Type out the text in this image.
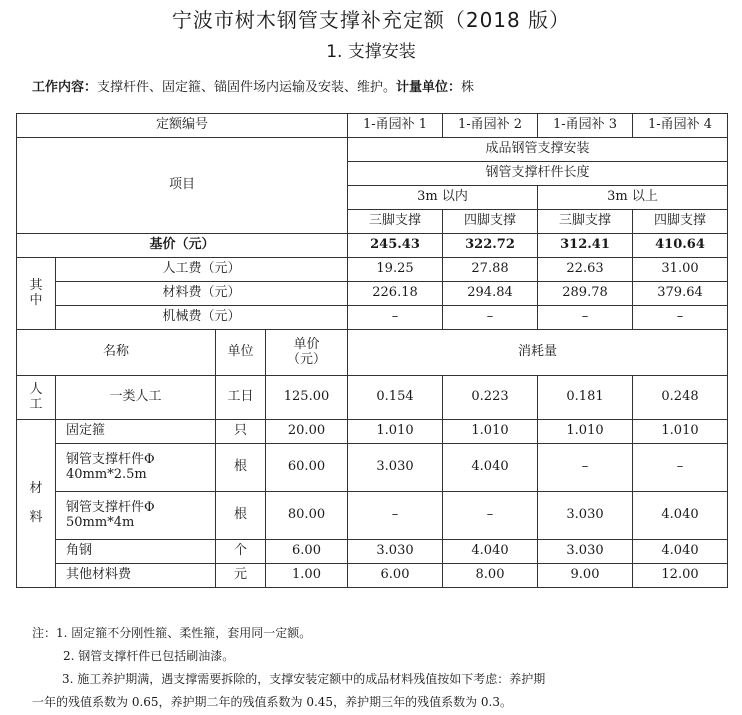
宁波市树木钢管支撑补充定额（2018 版）
1. 支撑安装
工作内容：支撑杆件、固定箍、锚固件场内运输及安装、维护。计量单位：株
定额编号				1-甬园补 1	1-甬园补 2	1-甬园补 3	1-甬园补 4
项目				成品钢管支撑安装			
				钢管支撑杆件长度			
				3m 以内		3m 以上	
				三脚支撑	四脚支撑	三脚支撑	四脚支撑
基价（元）				245.43	322.72	312.41	410.64
其中	人工费（元）			19.25	27.88	22.63	31.00
	材料费（元）			226.18	294.84	289.78	379.64
	机械费（元）			–	–	–	–
名称		单位	单价（元）	消耗量			
人工	一类人工	工日	125.00	0.154	0.223	0.181	0.248
材料	固定箍	只	20.00	1.010	1.010	1.010	1.010
	钢管支撑杆件Φ 40mm*2.5m	根	60.00	3.030	4.040	–	–
	钢管支撑杆件Φ 50mm*4m	根	80.00	–	–	3.030	4.040
	角钢	个	6.00	3.030	4.040	3.030	4.040
	其他材料费	元	1.00	6.00	8.00	9.00	12.00
注：1. 固定箍不分刚性箍、柔性箍，套用同一定额。
2. 钢管支撑杆件已包括刷油漆。
3. 施工养护期满，遇支撑需要拆除的，支撑安装定额中的成品材料残值按如下考虑：养护期
一年的残值系数为 0.65，养护期二年的残值系数为 0.45，养护期三年的残值系数为 0.3。
